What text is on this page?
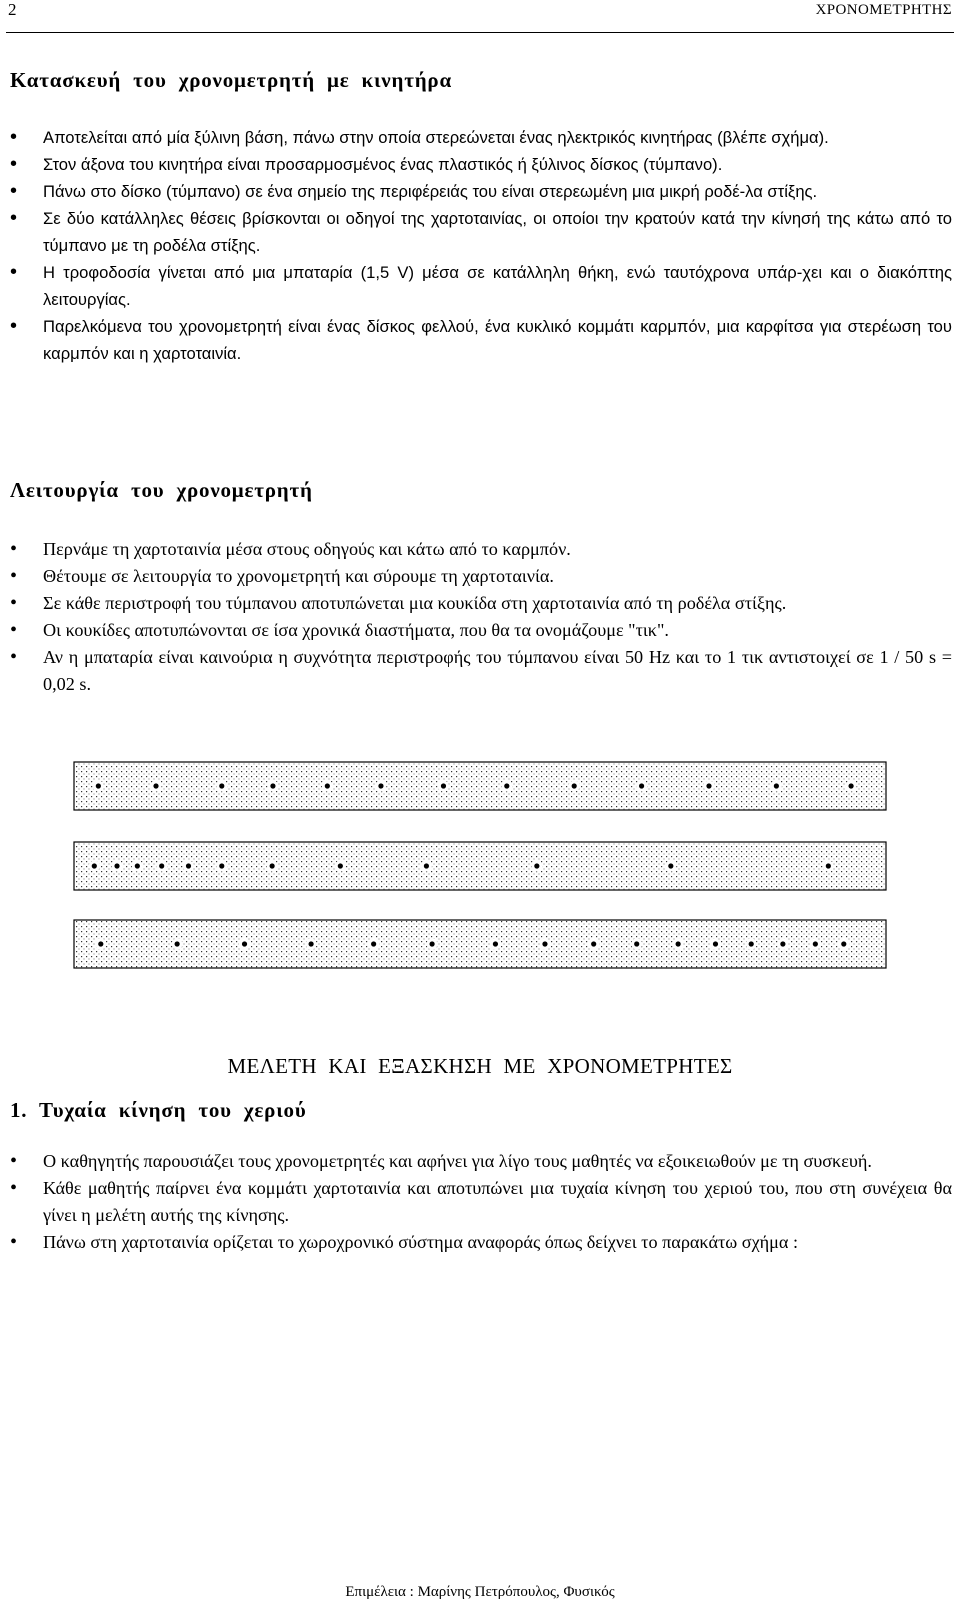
2	ΧΡΟΝΟΜΕΤΡΗΤΗΣ
Κατασκευή του χρονομετρητή με κινητήρα
• Αποτελείται από μία ξύλινη βάση, πάνω στην οποία στερεώνεται ένας ηλεκτρικός κινητήρας (βλέπε σχήμα).
• Στον άξονα του κινητήρα είναι προσαρμοσμένος ένας πλαστικός ή ξύλινος δίσκος (τύμπανο).
• Πάνω στο δίσκο (τύμπανο) σε ένα σημείο της περιφέρειάς του είναι στερεωμένη μια μικρή ροδέ-λα στίξης.
• Σε δύο κατάλληλες θέσεις βρίσκονται οι οδηγοί της χαρτοταινίας, οι οποίοι την κρατούν κατά την κίνησή της κάτω από το τύμπανο με τη ροδέλα στίξης.
• Η τροφοδοσία γίνεται από μια μπαταρία (1,5 V) μέσα σε κατάλληλη θήκη, ενώ ταυτόχρονα υπάρ-χει και ο διακόπτης λειτουργίας.
• Παρελκόμενα του χρονομετρητή είναι ένας δίσκος φελλού, ένα κυκλικό κομμάτι καρμπόν, μια καρφίτσα για στερέωση του καρμπόν και η χαρτοταινία.
Λειτουργία του χρονομετρητή
• Περνάμε τη χαρτοταινία μέσα στους οδηγούς και κάτω από το καρμπόν.
• Θέτουμε σε λειτουργία το χρονομετρητή και σύρουμε τη χαρτοταινία.
• Σε κάθε περιστροφή του τύμπανου αποτυπώνεται μια κουκίδα στη χαρτοταινία από τη ροδέλα στίξης.
• Οι κουκίδες αποτυπώνονται σε ίσα χρονικά διαστήματα, που θα τα ονομάζουμε "τικ".
• Αν η μπαταρία είναι καινούρια η συχνότητα περιστροφής του τύμπανου είναι 50 Hz και το 1 τικ αντιστοιχεί σε 1 / 50 s = 0,02 s.
ΜΕΛΕΤΗ ΚΑΙ ΕΞΑΣΚΗΣΗ ΜΕ ΧΡΟΝΟΜΕΤΡΗΤΕΣ
1. Τυχαία κίνηση του χεριού
• Ο καθηγητής παρουσιάζει τους χρονομετρητές και αφήνει για λίγο τους μαθητές να εξοικειωθούν με τη συσκευή.
• Κάθε μαθητής παίρνει ένα κομμάτι χαρτοταινία και αποτυπώνει μια τυχαία κίνηση του χεριού του, που στη συνέχεια θα γίνει η μελέτη αυτής της κίνησης.
• Πάνω στη χαρτοταινία ορίζεται το χωροχρονικό σύστημα αναφοράς όπως δείχνει το παρακάτω σχήμα :
Επιμέλεια : Μαρίνης Πετρόπουλος, Φυσικός
